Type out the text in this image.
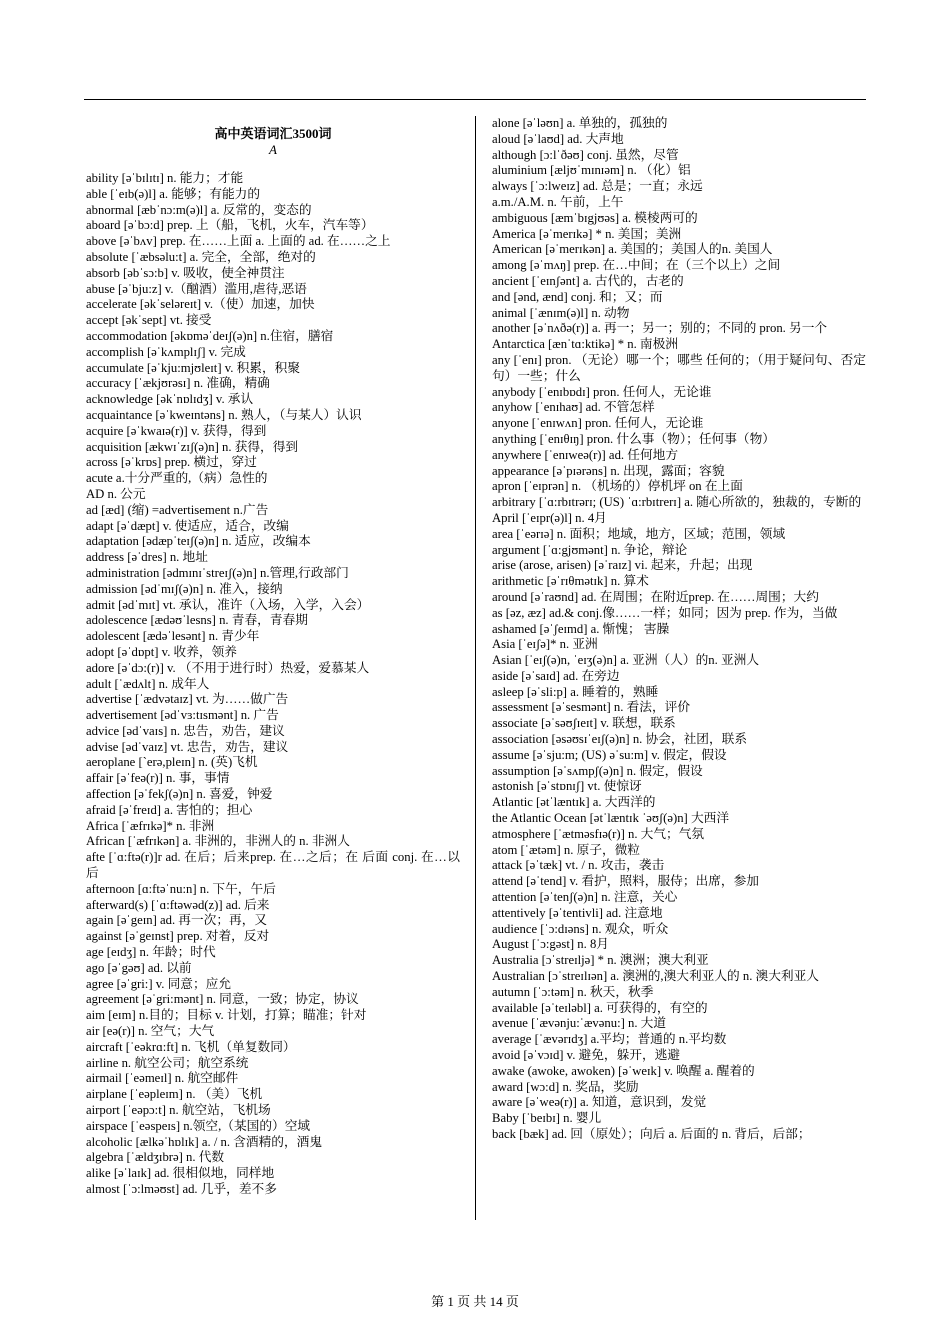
高中英语词汇3500词
A
ability [əˈbɪlɪtɪ] n. 能力；才能
able [ˈeɪb(ə)l] a. 能够；有能力的
abnormal [æbˈnɔ:m(ə)l] a. 反常的，变态的
aboard [əˈbɔ:d] prep. 上（船，飞机，火车，汽车等）
above [əˈbʌv] prep. 在……上面 a. 上面的 ad. 在……之上
absolute [ˈæbsəlu:t] a. 完全，全部，绝对的
absorb [əbˈsɔ:b] v. 吸收，使全神贯注
abuse [əˈbju:z] v.（酗酒）滥用,虐待,恶语
accelerate [əkˈseləreɪt] v.（使）加速，加快
accept [əkˈsept] vt. 接受
accommodation [əkɒməˈdeɪʃ(ə)n] n.住宿，膳宿
accomplish [əˈkʌmplɪʃ] v. 完成
accumulate [əˈkju:mjʊleɪt] v. 积累，积聚
accuracy [ˈækjʊrəsɪ] n. 准确，精确
acknowledge [əkˈnɒlɪdʒ] v. 承认
acquaintance [əˈkweɪntəns] n. 熟人，（与某人）认识
acquire [əˈkwaɪə(r)] v. 获得，得到
acquisition [ækwɪˈzɪʃ(ə)n] n. 获得，得到
across [əˈkrɒs] prep. 横过，穿过
acute a.十分严重的,（病）急性的
AD n. 公元
ad [æd] (缩) =advertisement n.广告
adapt [əˈdæpt] v. 使适应，适合，改编
adaptation [ədæpˈteɪʃ(ə)n] n. 适应，改编本
address [əˈdres] n. 地址
administration [ədmɪnɪˈstreɪʃ(ə)n] n.管理,行政部门
admission [ədˈmɪʃ(ə)n] n. 准入，接纳
admit [ədˈmɪt] vt. 承认，准许（入场，入学，入会）
adolescence [ædəʊˈlesns] n. 青春，青春期
adolescent [ædəˈlesənt] n. 青少年
adopt [əˈdɒpt] v. 收养，领养
adore [əˈdɔ:(r)] v. （不用于进行时）热爱，爱慕某人
adult [ˈædʌlt] n. 成年人
advertise [ˈædvətaɪz] vt. 为……做广告
advertisement [ədˈvɜ:tɪsmənt] n. 广告
advice [ədˈvaɪs] n. 忠告，劝告，建议
advise [ədˈvaɪz] vt. 忠告，劝告，建议
aeroplane [ˋerə,pleɪn] n. (英)飞机
affair [əˈfeə(r)] n. 事，事情
affection [əˈfekʃ(ə)n] n. 喜爱，钟爱
afraid [əˈfreɪd] a. 害怕的；担心
Africa [ˈæfrɪkə]* n. 非洲
African [ˈæfrɪkən] a. 非洲的，非洲人的 n. 非洲人
afte [ˈɑ:ftə(r)]r ad. 在后；后来prep. 在…之后；在 后面 conj. 在…以后
afternoon [ɑ:ftəˈnu:n] n. 下午，午后
afterward(s) [ˈɑ:ftəwəd(z)] ad. 后来
again [əˈgeɪn] ad. 再一次；再，又
against [əˈgeɪnst] prep. 对着，反对
age [eɪdʒ] n. 年龄；时代
ago [əˈgəʊ] ad. 以前
agree [əˈgri:] v. 同意；应允
agreement [əˈgri:mənt] n. 同意，一致；协定，协议
aim [eɪm] n.目的；目标 v. 计划，打算；瞄准；针对
air [eə(r)] n. 空气；大气
aircraft [ˈeəkrɑ:ft] n. 飞机（单复数同）
airline n. 航空公司；航空系统
airmail [ˈeəmeɪl] n. 航空邮件
airplane [ˈeəpleɪm] n. （美）飞机
airport [ˈeəpɔ:t] n. 航空站，飞机场
airspace [ˈeəspeɪs] n.领空,（某国的）空域
alcoholic [ælkəˈhɒlɪk] a. / n. 含酒精的，酒鬼
algebra [ˈældʒɪbrə] n. 代数
alike [əˈlaɪk] ad. 很相似地，同样地
almost [ˈɔ:lməʊst] ad. 几乎，差不多
alone [əˈləʊn] a. 单独的，孤独的
aloud [əˈlaʊd] ad. 大声地
although [ɔ:lˈðəʊ] conj. 虽然，尽管
aluminium [æljʊˈmɪnɪəm] n. （化）铝
always [ˈɔ:lweɪz] ad. 总是；一直；永远
a.m./A.M. n. 午前，上午
ambiguous [æmˈbɪgjʊəs] a. 模棱两可的
America [əˈmerɪkə] * n. 美国；美洲
American [əˈmerɪkən] a. 美国的；美国人的n. 美国人
among [əˈmʌŋ] prep. 在…中间；在（三个以上）之间
ancient [ˈeɪnʃənt] a. 古代的，古老的
and [ənd, ænd] conj. 和；又；而
animal [ˈænɪm(ə)l] n. 动物
another [əˈnʌðə(r)] a. 再一；另一；别的；不同的 pron. 另一个
Antarctica [ænˈtɑ:ktikə] * n. 南极洲
any [ˈenɪ] pron. （无论）哪一个；哪些 任何的；（用于疑问句、否定句）一些；什么
anybody [ˈenɪbɒdɪ] pron. 任何人，无论谁
anyhow [ˈenɪhaʊ] ad. 不管怎样
anyone [ˈenɪwʌn] pron. 任何人，无论谁
anything [ˈenɪθɪŋ] pron. 什么事（物）；任何事（物）
anywhere [ˈenɪweə(r)] ad. 任何地方
appearance [əˈpɪərəns] n. 出现，露面；容貌
apron [ˈeɪprən] n. （机场的）停机坪 on 在上面
arbitrary [ˈɑ:rbɪtrərɪ; (US) ˈɑ:rbɪtrerɪ] a. 随心所欲的，独裁的，专断的
April [ˈeɪpr(ə)l] n. 4月
area [ˈeərɪə] n. 面积；地域，地方，区域；范围，领域
argument [ˈɑ:gjʊmənt] n. 争论，辩论
arise (arose, arisen) [əˈraɪz] vi. 起来，升起；出现
arithmetic [əˈrɪθmətɪk] n. 算术
around [əˈraʊnd] ad. 在周围；在附近prep. 在……周围；大约
as [əz, æz] ad.& conj.像……一样；如同；因为 prep. 作为，当做
ashamed [əˈʃeɪmd] a. 惭愧； 害臊
Asia [ˈeɪʃə]* n. 亚洲
Asian [ˈeɪʃ(ə)n, ˈeɪʒ(ə)n] a. 亚洲（人）的n. 亚洲人
aside [əˈsaɪd] ad. 在旁边
asleep [əˈsli:p] a. 睡着的，熟睡
assessment [əˈsesmənt] n. 看法，评价
associate [əˈsəʊʃɪeɪt] v. 联想，联系
association [əsəʊsɪˈeɪʃ(ə)n] n. 协会，社团，联系
assume [əˈsju:m; (US) əˈsu:m] v. 假定，假设
assumption [əˈsʌmpʃ(ə)n] n. 假定，假设
astonish [əˈstɒnɪʃ] vt. 使惊讶
Atlantic [ətˈlæntɪk] a. 大西洋的
the Atlantic Ocean [ətˈlæntɪk ˈəʊʃ(ə)n] 大西洋
atmosphere [ˈætməsfɪə(r)] n. 大气；气氛
atom [ˈætəm] n. 原子，微粒
attack [əˈtæk] vt. / n. 攻击，袭击
attend [əˈtend] v. 看护，照料，服侍；出席，参加
attention [əˈtenʃ(ə)n] n. 注意，关心
attentively [əˈtentivli] ad. 注意地
audience [ˈɔ:dɪəns] n. 观众，听众
August [ˈɔ:gəst] n. 8月
Australia [ɔˈstreɪljə] * n. 澳洲；澳大利亚
Australian [ɔˈstreɪlɪən] a. 澳洲的,澳大利亚人的 n. 澳大利亚人
autumn [ˈɔ:təm] n. 秋天，秋季
available [əˈteɪləbl] a. 可获得的，有空的
avenue [ˈævənju:ˈævənu:] n. 大道
average [ˈævərɪdʒ] a.平均；普通的 n.平均数
avoid [əˈvɔɪd] v. 避免，躲开，逃避
awake (awoke, awoken) [əˈweɪk] v. 唤醒 a. 醒着的
award [wɔ:d] n. 奖品，奖励
aware [əˈweə(r)] a. 知道，意识到，发觉
Baby [ˈbeɪbɪ] n. 婴儿
back [bæk] ad. 回（原处）；向后 a. 后面的 n. 背后，后部；
第 1 页 共 14 页
